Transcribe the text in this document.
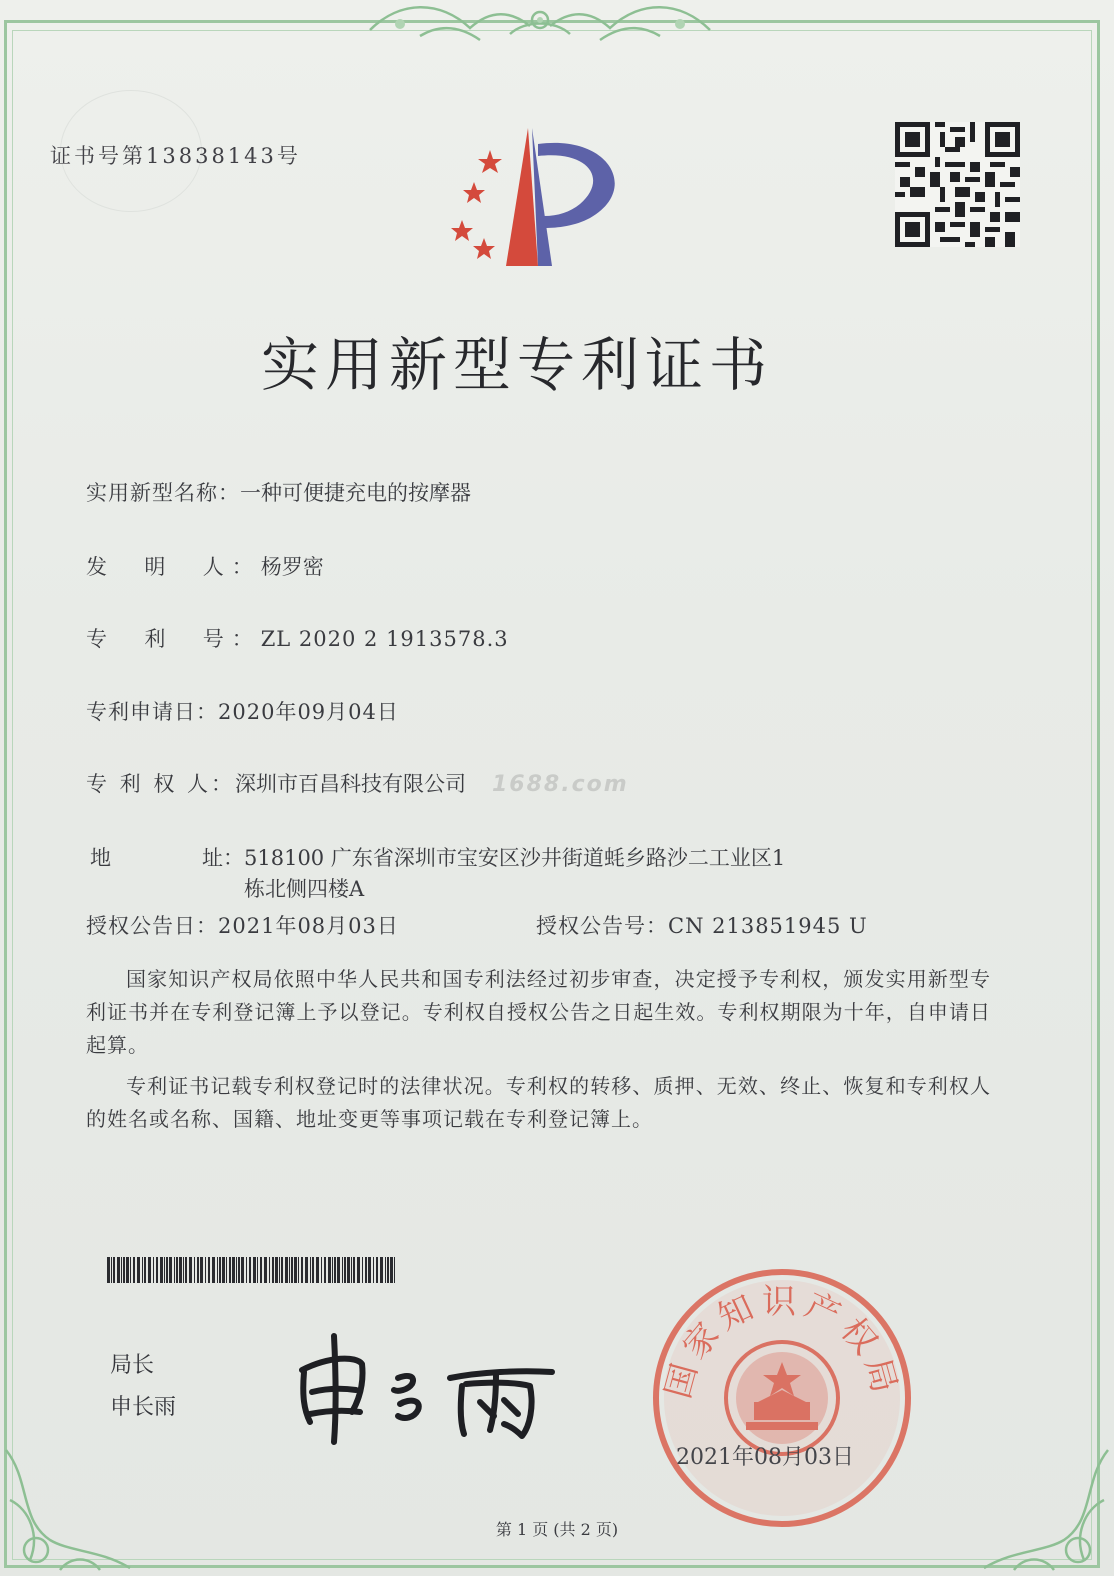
证书号第13838143号
实用新型专利证书
实用新型名称：一种可便捷充电的按摩器
发  明  人：杨罗密
专  利  号：ZL 2020 2 1913578.3
专利申请日：2020年09月04日
专 利 权 人：深圳市百昌科技有限公司 1688.com
地	址： 518100 广东省深圳市宝安区沙井街道蚝乡路沙二工业区1
栋北侧四楼A
授权公告日：2021年08月03日	授权公告号：CN 213851945 U
国家知识产权局依照中华人民共和国专利法经过初步审查，决定授予专利权，颁发实用新型专利证书并在专利登记簿上予以登记。专利权自授权公告之日起生效。专利权期限为十年，自申请日起算。
专利证书记载专利权登记时的法律状况。专利权的转移、质押、无效、终止、恢复和专利权人的姓名或名称、国籍、地址变更等事项记载在专利登记簿上。
局长
申长雨
国家知识产权局
2021年08月03日
第 1 页 (共 2 页)
